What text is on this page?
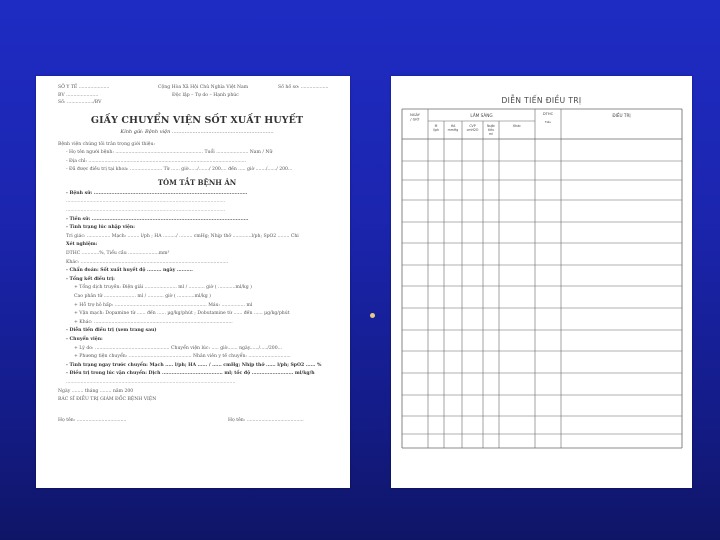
SỞ Y TẾ .....................
BV ......................
Số: ................../BV
Cộng Hòa Xã Hội Chủ Nghĩa Việt Nam
Độc lập – Tự do – Hạnh phúc
Số hồ sơ: ...................
GIẤY CHUYỂN VIỆN SỐT XUẤT HUYẾT
Kính gửi: Bệnh viện ................................................................
Bệnh viện chúng tôi trân trọng giới thiệu:
- Họ tên người bệnh: ............................................................ Tuổi ...................... Nam / Nữ
- Địa chỉ: ............................................................................................................
- Đã được điều trị tại khoa: ...................... Từ ...... giờ....../......./ 200.... đến ..... giờ ......./....../ 200...
TÓM TẮT BỆNH ÁN
- Bệnh sử: ................................................................................................
.............................................................................................................
.............................................................................................................
- Tiền sử: ..................................................................................................
- Tình trạng lúc nhập viện:
Tri giác: ................ Mạch: ........ l/ph ; HA ........./ ......... cmHg; Nhịp thở .............l/ph; SpO2 ........ Chi
Xét nghiệm:
DTHC ............%, Tiểu cầu .....................mm³
Khác: .....................................................................................................
- Chẩn đoán: Sốt xuất huyết độ ......... ngày ..........
- Tổng kết điều trị:
+ Tổng dịch truyền: Điện giải ...................... ml / ........... giờ ( ............ml/kg )
Cao phân tử ...................... ml / ........... giờ ( ............ml/kg )
+ Hỗ trợ hô hấp: ............................................................... Máu: ................ ml
+ Vận mạch: Dopamine từ ...... đến ...... µg/kg/phút ; Dobutamine từ ...... đến ...... µg/kg/phút
+ Khác: ...............................................................................................
- Diễn tiến điều trị (xem trang sau)
- Chuyển viện:
+ Lý do: ................................................... Chuyển viện lúc: ..... giờ....... ngày....../...../200...
+ Phương tiện chuyển: ........................................... Nhân viên y tế chuyển: .............................
- Tình trạng ngay trước chuyển: Mạch ..... l/ph; HA ...... / ...... cmHg; Nhịp thở ...... l/ph; SpO2 ...... %
- Điều trị trong lúc vận chuyển: Dịch ...................................... ml; tốc độ .......................... ml/kg/h
....................................................................................................................
Ngày ........ tháng ........ năm 200
BÁC SĨ ĐIỀU TRỊ GIÁM ĐỐC BỆNH VIỆN
Họ tên: ..................................	Họ tên: .......................................
DIỄN TIẾN ĐIỀU TRỊ
NGÀY
/ GIỜ
LÂM SÀNG	DTHC
Tiểu
ĐIỀU TRỊ
M
l/ph
HA
mmHg
CVP
cmH2O
Nước
tiểu
ml
Khác
